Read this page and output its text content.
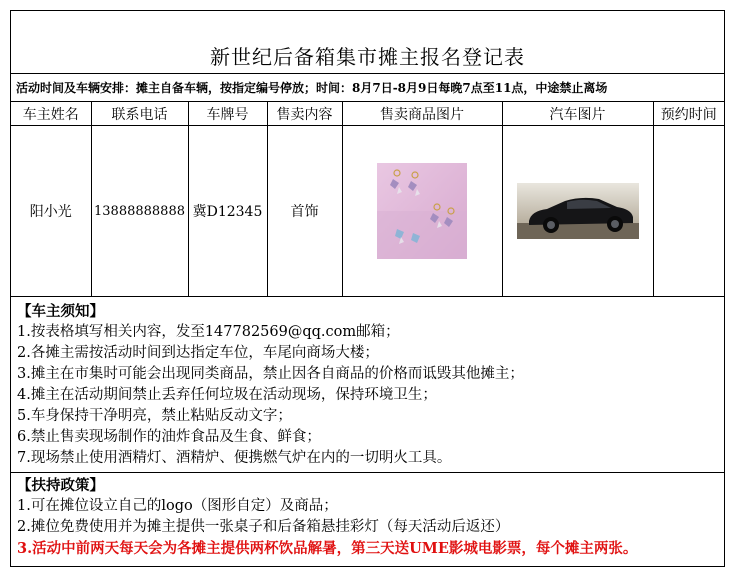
新世纪后备箱集市摊主报名登记表
活动时间及车辆安排：摊主自备车辆，按指定编号停放；时间：8月7日-8月9日每晚7点至11点，中途禁止离场
车主姓名	联系电话	车牌号	售卖内容	售卖商品图片	汽车图片	预约时间
阳小光	13888888888	冀D12345	首饰	

【车主须知】
1.按表格填写相关内容，发至147782569@qq.com邮箱；
2.各摊主需按活动时间到达指定车位，车尾向商场大楼；
3.摊主在市集时可能会出现同类商品，禁止因各自商品的价格而诋毁其他摊主；
4.摊主在活动期间禁止丢弃任何垃圾在活动现场，保持环境卫生；
5.车身保持干净明亮，禁止粘贴反动文字；
6.禁止售卖现场制作的油炸食品及生食、鲜食；
7.现场禁止使用酒精灯、酒精炉、便携燃气炉在内的一切明火工具。
【扶持政策】
1.可在摊位设立自己的logo（图形自定）及商品；
2.摊位免费使用并为摊主提供一张桌子和后备箱悬挂彩灯（每天活动后返还）
3.活动中前两天每天会为各摊主提供两杯饮品解暑，第三天送UME影城电影票，每个摊主两张。
